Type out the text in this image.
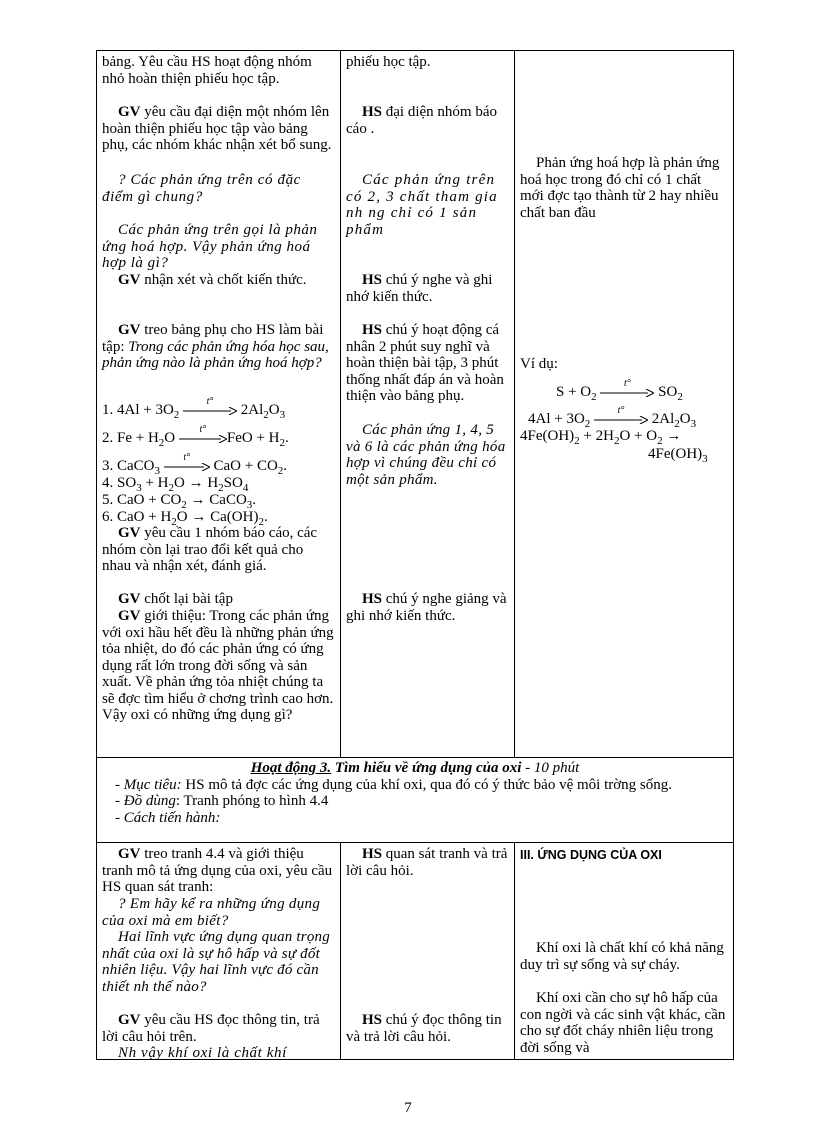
bảng. Yêu cầu HS hoạt động nhóm nhỏ hoàn thiện phiếu học tập.
GV yêu cầu đại diện một nhóm lên hoàn thiện phiếu học tập vào bảng phụ, các nhóm khác nhận xét bổ sung.
? Các phản ứng trên có đặc điểm gì chung?
Các phản ứng trên gọi là phản ứng hoá hợp. Vậy phản ứng hoá hợp là gì?
GV nhận xét và chốt kiến thức.
phiếu học tập.
HS đại diện nhóm báo cáo .
Các phản ứng trên có 2, 3 chất tham gia nh ng chỉ có 1 sản phẩm
HS chú ý nghe và ghi nhớ kiến thức.
Phản ứng hoá hợp là phản ứng hoá học trong đó chỉ có 1 chất mới đợc tạo thành từ 2 hay nhiều chất ban đầu
GV treo bảng phụ cho HS làm bài tập: Trong các phản ứng hóa học sau, phản ứng nào là phản ứng hoá hợp?
1. $4Al + 3O_2$
t°
$2Al_2O_3$
2. $Fe + H_2O$
t°
FeO + $H_2$.
3. CaCO$_3$
t°
CaO + $CO_2$.
4. $SO_3 + H_2O \to H_2SO_4$
5. CaO + $CO_2$ → CaCO$_3$.
6. CaO + $H_2O \to Ca(OH)_2$.
GV yêu cầu 1 nhóm báo cáo, các nhóm còn lại trao đổi kết quả cho nhau và nhận xét, đánh giá.
GV chốt lại bài tập
GV giới thiệu: Trong các phản ứng với oxi hầu hết đều là những phản ứng tỏa nhiệt, do đó các phản ứng có ứng dụng rất lớn trong đời sống và sản xuất. Về phản ứng tỏa nhiệt chúng ta sẽ đợc tìm hiểu ở chơng trình cao hơn. Vậy oxi có những ứng dụng gì?
HS chú ý hoạt động cá nhân 2 phút suy nghĩ và hoàn thiện bài tập, 3 phút thống nhất đáp án và hoàn thiện vào bảng phụ.
Các phản ứng 1, 4, 5 và 6 là các phản ứng hóa hợp vì chúng đều chỉ có một sản phẩm.
HS chú ý nghe giảng và ghi nhớ kiến thức.
Ví dụ:
$S + O_2$
t°
$SO_2$
$4Al + 3O_2$
t°
$2Al_2O_3$
$4Fe(OH)_2 + 2H_2O + O_2$ →
$4Fe(OH)_3$
Hoạt động 3. Tìm hiểu về ứng dụng của oxi - 10 phút
- Mục tiêu: HS mô tả đợc các ứng dụng của khí oxi, qua đó có ý thức bảo vệ môi trờng sống.
- Đồ dùng: Tranh phóng to hình 4.4
- Cách tiến hành:
GV treo tranh 4.4 và giới thiệu tranh mô tả ứng dụng của oxi, yêu cầu HS quan sát tranh:
? Em hãy kể ra những ứng dụng của oxi mà em biết?
Hai lĩnh vực ứng dụng quan trọng nhất của oxi là sự hô hấp và sự đốt nhiên liệu. Vậy hai lĩnh vực đó cần thiết nh thế nào?
GV yêu cầu HS đọc thông tin, trả lời câu hỏi trên.
Nh vậy khí oxi là chất khí
HS quan sát tranh và trả lời câu hỏi.
HS chú ý đọc thông tin và trả lời câu hỏi.
III. ỨNG DỤNG CỦA OXI
Khí oxi là chất khí có khả năng duy trì sự sống và sự cháy.
Khí oxi cần cho sự hô hấp của con ngời và các sinh vật khác, cần cho sự đốt cháy nhiên liệu trong đời sống và
7
